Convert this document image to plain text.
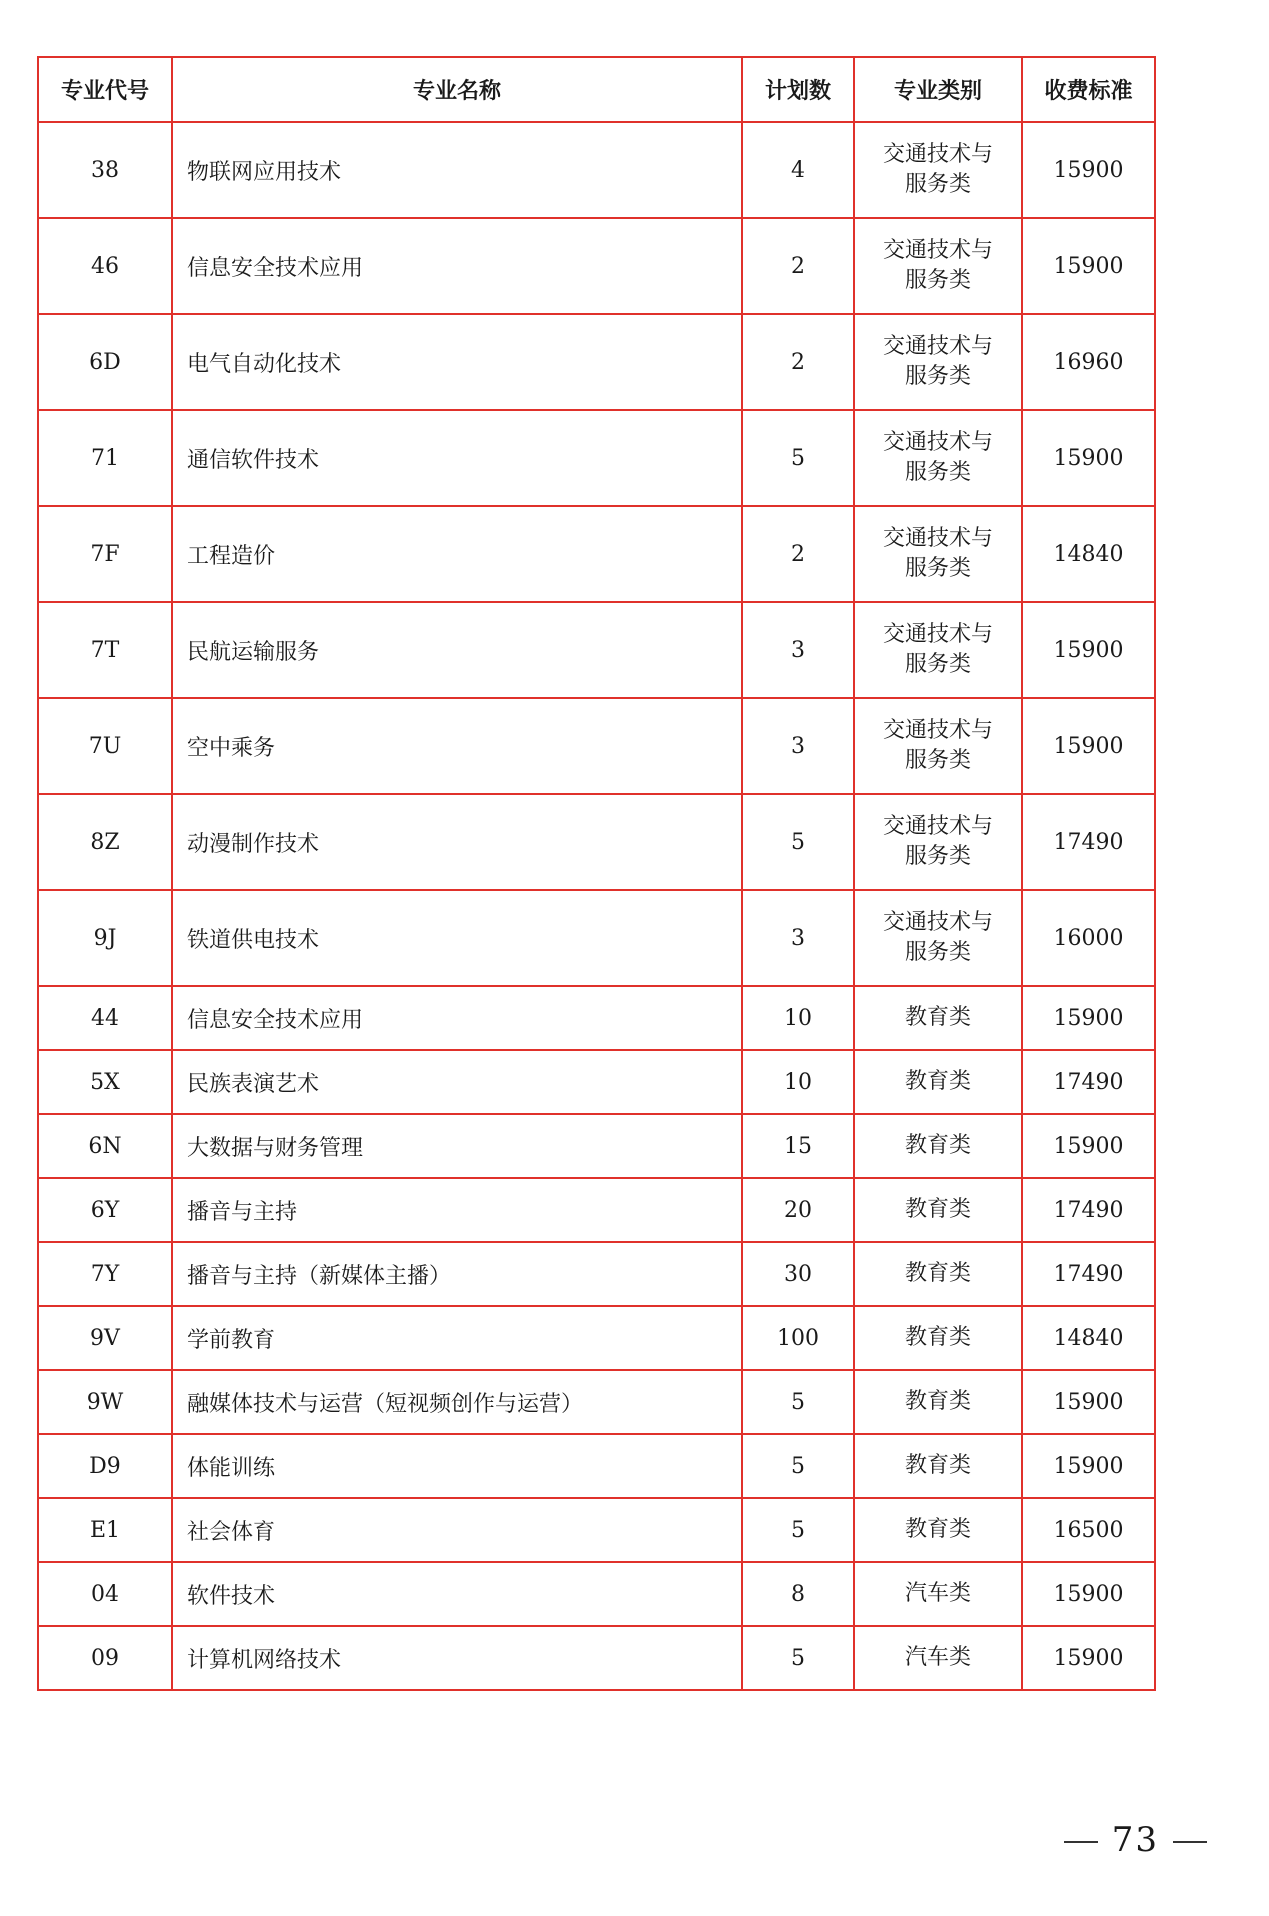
专业代号	专业名称	计划数	专业类别	收费标准
38	物联网应用技术	4	交通技术与服务类	15900
46	信息安全技术应用	2	交通技术与服务类	15900
6D	电气自动化技术	2	交通技术与服务类	16960
71	通信软件技术	5	交通技术与服务类	15900
7F	工程造价	2	交通技术与服务类	14840
7T	民航运输服务	3	交通技术与服务类	15900
7U	空中乘务	3	交通技术与服务类	15900
8Z	动漫制作技术	5	交通技术与服务类	17490
9J	铁道供电技术	3	交通技术与服务类	16000
44	信息安全技术应用	10	教育类	15900
5X	民族表演艺术	10	教育类	17490
6N	大数据与财务管理	15	教育类	15900
6Y	播音与主持	20	教育类	17490
7Y	播音与主持（新媒体主播）	30	教育类	17490
9V	学前教育	100	教育类	14840
9W	融媒体技术与运营（短视频创作与运营）	5	教育类	15900
D9	体能训练	5	教育类	15900
E1	社会体育	5	教育类	16500
04	软件技术	8	汽车类	15900
09	计算机网络技术	5	汽车类	15900
73
